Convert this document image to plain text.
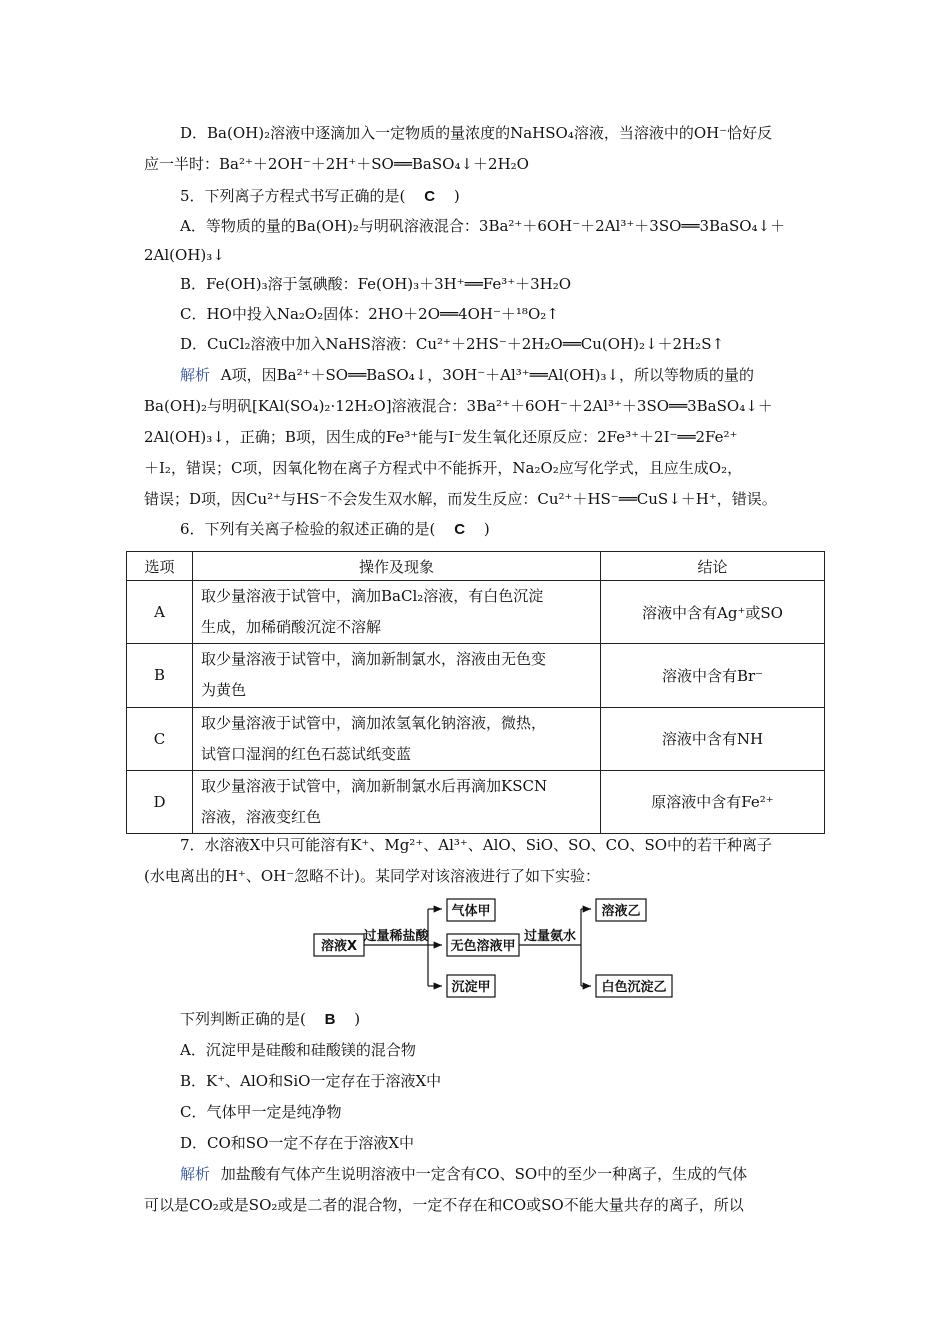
D．Ba(OH)₂溶液中逐滴加入一定物质的量浓度的NaHSO₄溶液，当溶液中的OH⁻恰好反
应一半时：Ba²⁺＋2OH⁻＋2H⁺＋SO══BaSO₄↓＋2H₂O
5．下列离子方程式书写正确的是( C )
A．等物质的量的Ba(OH)₂与明矾溶液混合：3Ba²⁺＋6OH⁻＋2Al³⁺＋3SO══3BaSO₄↓＋
2Al(OH)₃↓
B．Fe(OH)₃溶于氢碘酸：Fe(OH)₃＋3H⁺══Fe³⁺＋3H₂O
C．HO中投入Na₂O₂固体：2HO＋2O══4OH⁻＋¹⁸O₂↑
D．CuCl₂溶液中加入NaHS溶液：Cu²⁺＋2HS⁻＋2H₂O══Cu(OH)₂↓＋2H₂S↑
解析 A项，因Ba²⁺＋SO══BaSO₄↓，3OH⁻＋Al³⁺══Al(OH)₃↓，所以等物质的量的
Ba(OH)₂与明矾[KAl(SO₄)₂·12H₂O]溶液混合：3Ba²⁺＋6OH⁻＋2Al³⁺＋3SO══3BaSO₄↓＋
2Al(OH)₃↓，正确；B项，因生成的Fe³⁺能与I⁻发生氧化还原反应：2Fe³⁺＋2I⁻══2Fe²⁺
＋I₂，错误；C项，因氧化物在离子方程式中不能拆开，Na₂O₂应写化学式，且应生成O₂，
错误；D项，因Cu²⁺与HS⁻不会发生双水解，而发生反应：Cu²⁺＋HS⁻══CuS↓＋H⁺，错误。
6．下列有关离子检验的叙述正确的是( C )
选项	操作及现象	结论
A	取少量溶液于试管中，滴加BaCl₂溶液，有白色沉淀
生成，加稀硝酸沉淀不溶解	溶液中含有Ag⁺或SO
B	取少量溶液于试管中，滴加新制氯水，溶液由无色变
为黄色	溶液中含有Br⁻
C	取少量溶液于试管中，滴加浓氢氧化钠溶液，微热，
试管口湿润的红色石蕊试纸变蓝	溶液中含有NH
D	取少量溶液于试管中，滴加新制氯水后再滴加KSCN
溶液，溶液变红色	原溶液中含有Fe²⁺
7．水溶液X中只可能溶有K⁺、Mg²⁺、Al³⁺、AlO、SiO、SO、CO、SO中的若干种离子
(水电离出的H⁺、OH⁻忽略不计)。某同学对该溶液进行了如下实验：
溶液X
过量稀盐酸
气体甲
无色溶液甲
沉淀甲
过量氨水
溶液乙
白色沉淀乙
下列判断正确的是( B )
A．沉淀甲是硅酸和硅酸镁的混合物
B．K⁺、AlO和SiO一定存在于溶液X中
C．气体甲一定是纯净物
D．CO和SO一定不存在于溶液X中
解析 加盐酸有气体产生说明溶液中一定含有CO、SO中的至少一种离子，生成的气体
可以是CO₂或是SO₂或是二者的混合物，一定不存在和CO或SO不能大量共存的离子，所以
